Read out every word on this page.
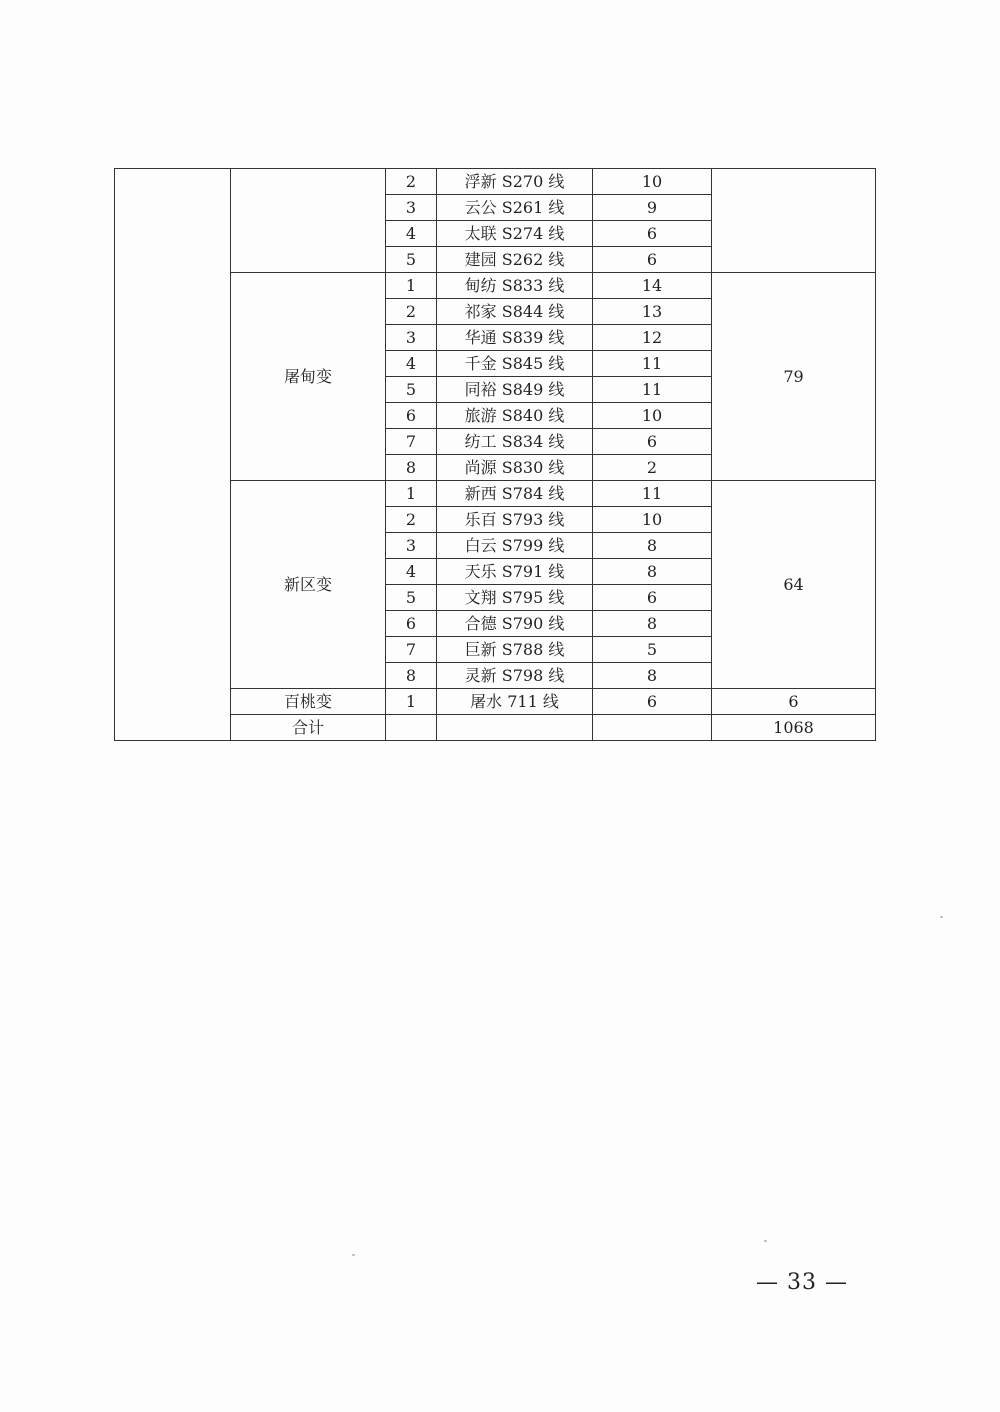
		2	浮新 S270 线	10		
		3	云公 S261 线	9		
		4	太联 S274 线	6		
		5	建园 S262 线	6		
	屠甸变	1	甸纺 S833 线	14	79	
		2	祁家 S844 线	13		
		3	华通 S839 线	12		
		4	千金 S845 线	11		
		5	同裕 S849 线	11		
		6	旅游 S840 线	10		
		7	纺工 S834 线	6		
		8	尚源 S830 线	2		
	新区变	1	新西 S784 线	11	64	
		2	乐百 S793 线	10		
		3	白云 S799 线	8		
		4	天乐 S791 线	8		
		5	文翔 S795 线	6		
		6	合德 S790 线	8		
		7	巨新 S788 线	5		
		8	灵新 S798 线	8		
	百桃变	1	屠水 711 线	6	6	
	合计				1068	
— 33 —
